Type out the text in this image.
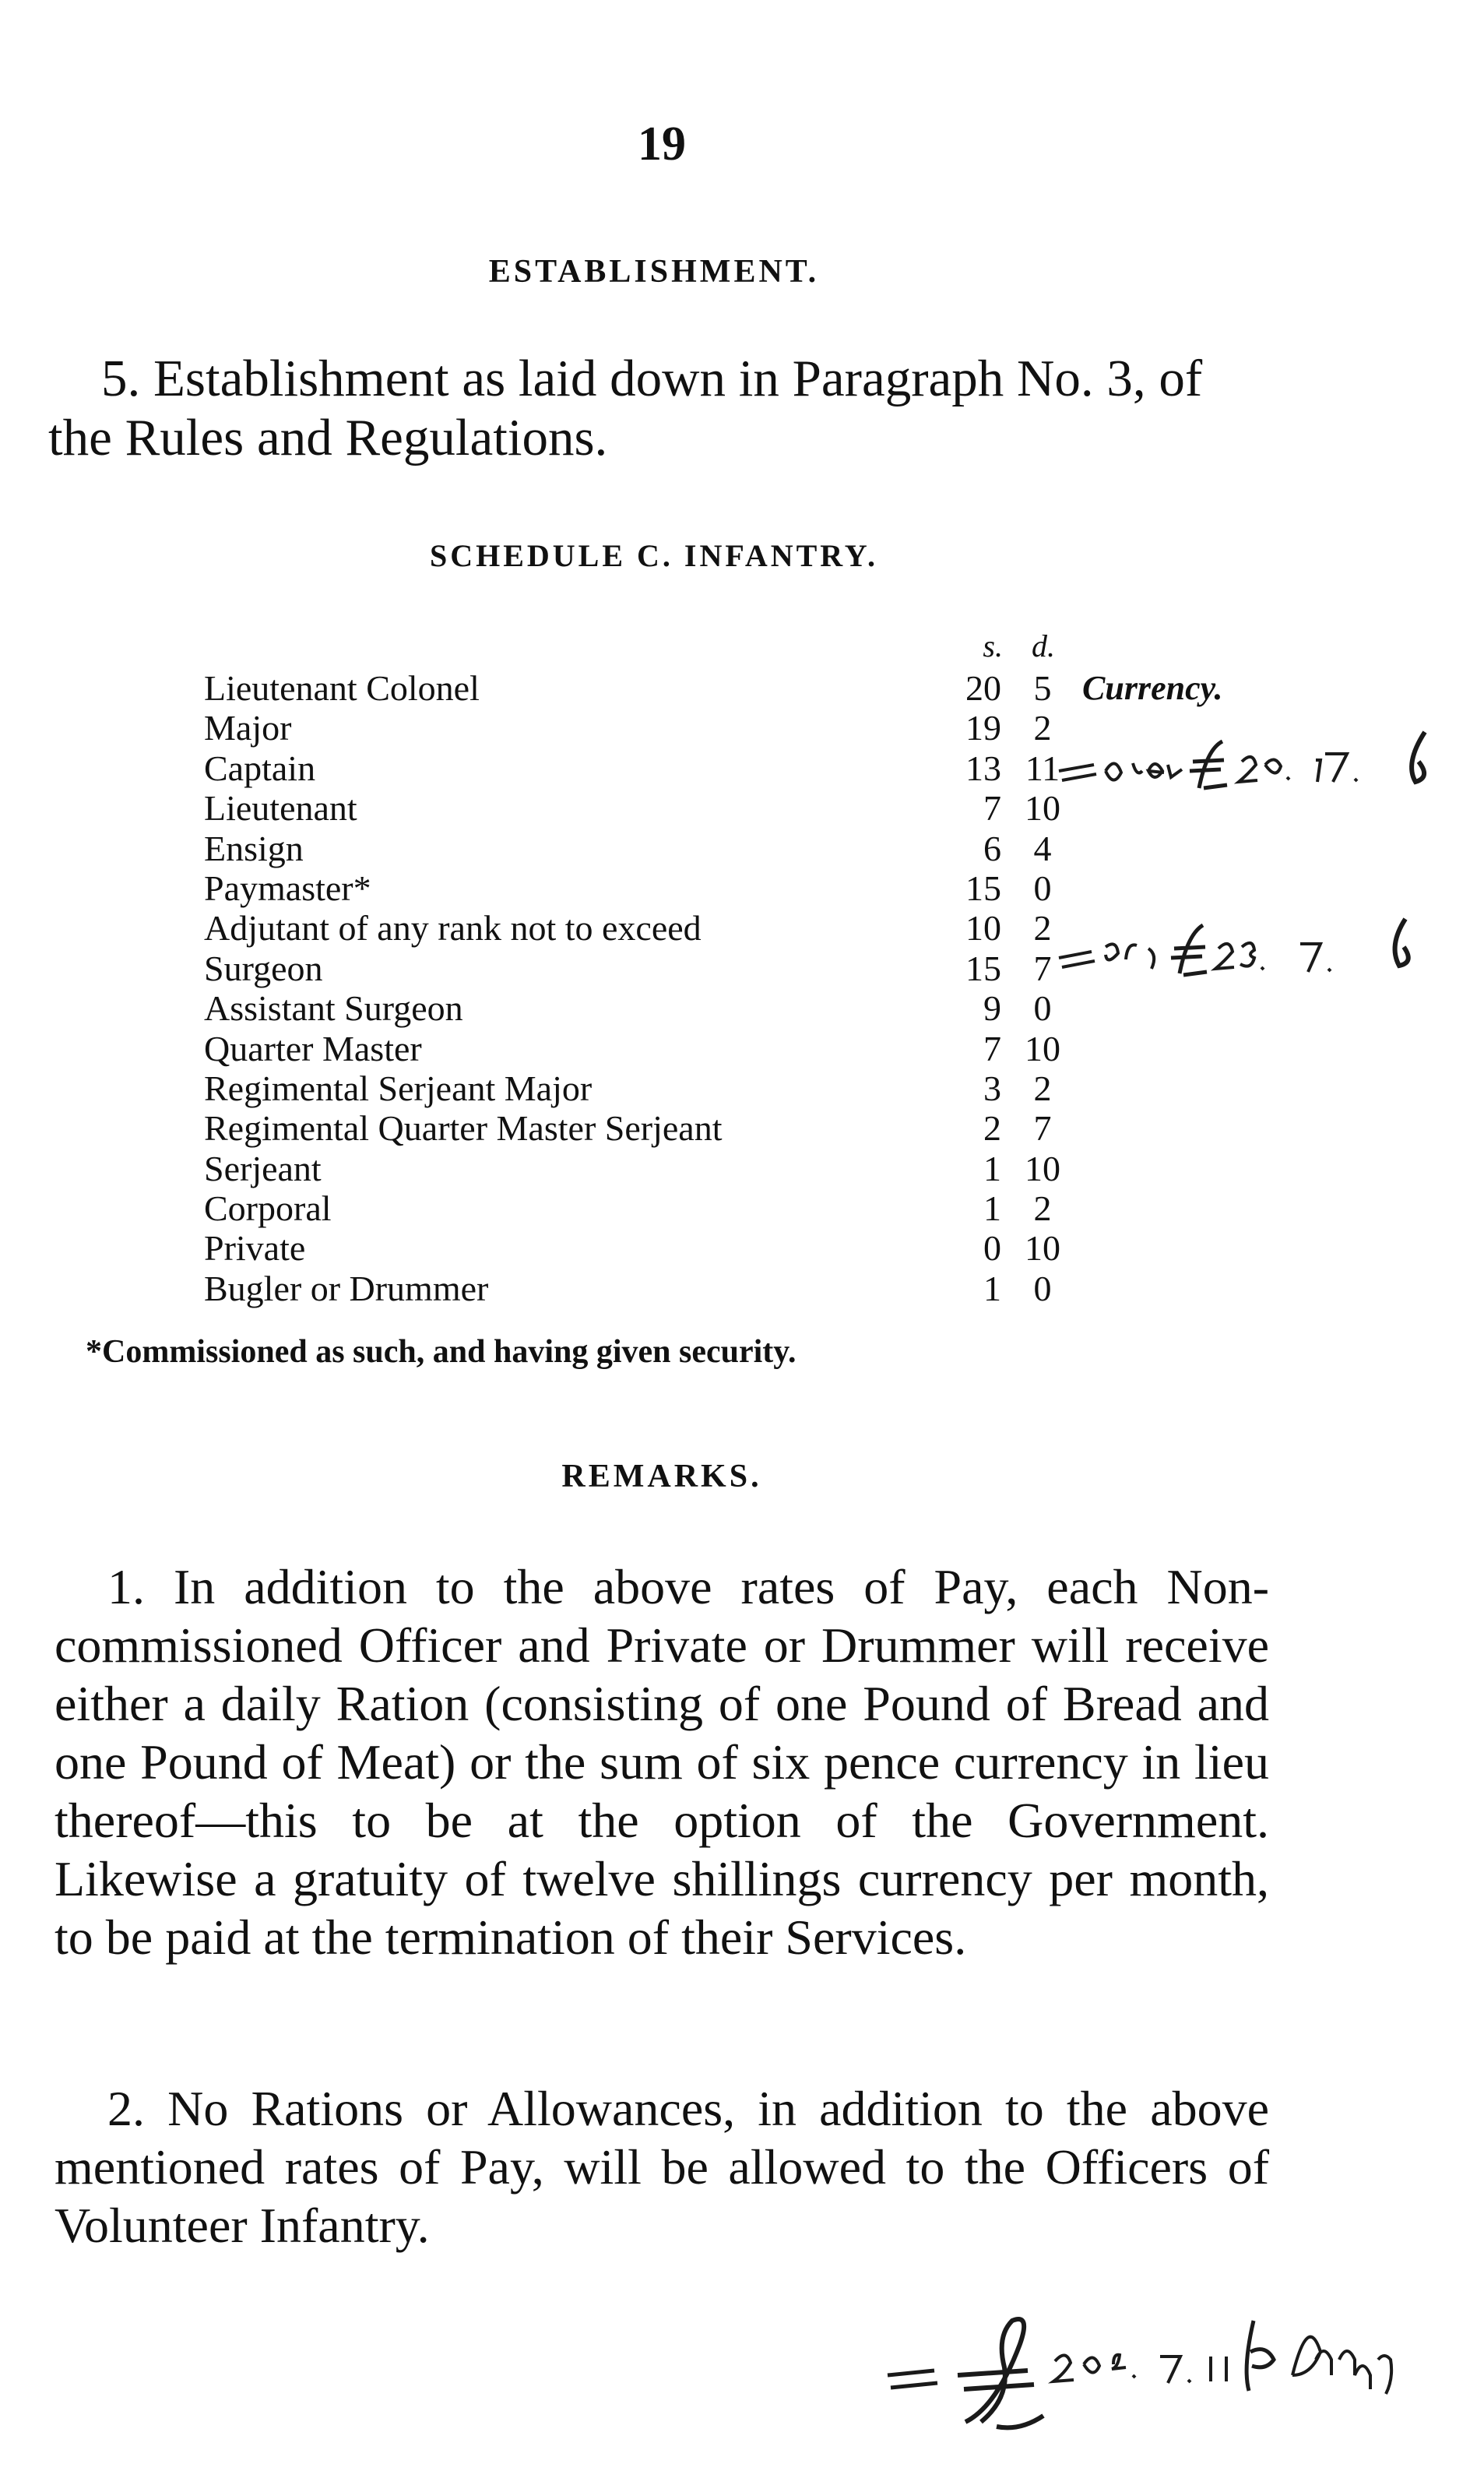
19
ESTABLISHMENT.
5. Establishment as laid down in Paragraph No. 3, of the Rules and Regulations.
SCHEDULE C. INFANTRY.
s. d.
Currency.
Lieutenant Colonel	20 5
Major	19 2
Captain	13 11
Lieutenant	7 10
Ensign	6 4
Paymaster*	15 0
Adjutant of any rank not to exceed	10 2
Surgeon	15 7
Assistant Surgeon	9 0
Quarter Master	7 10
Regimental Serjeant Major	3 2
Regimental Quarter Master Serjeant	2 7
Serjeant	1 10
Corporal	1 2
Private	0 10
Bugler or Drummer	1 0
*Commissioned as such, and having given security.
REMARKS.
1. In addition to the above rates of Pay, each Non-commissioned Officer and Private or Drummer will receive either a daily Ration (consisting of one Pound of Bread and one Pound of Meat) or the sum of six pence currency in lieu thereof—this to be at the option of the Government. Likewise a gratuity of twelve shillings currency per month, to be paid at the termination of their Services.
2. No Rations or Allowances, in addition to the above mentioned rates of Pay, will be allowed to the Officers of Volunteer Infantry.
